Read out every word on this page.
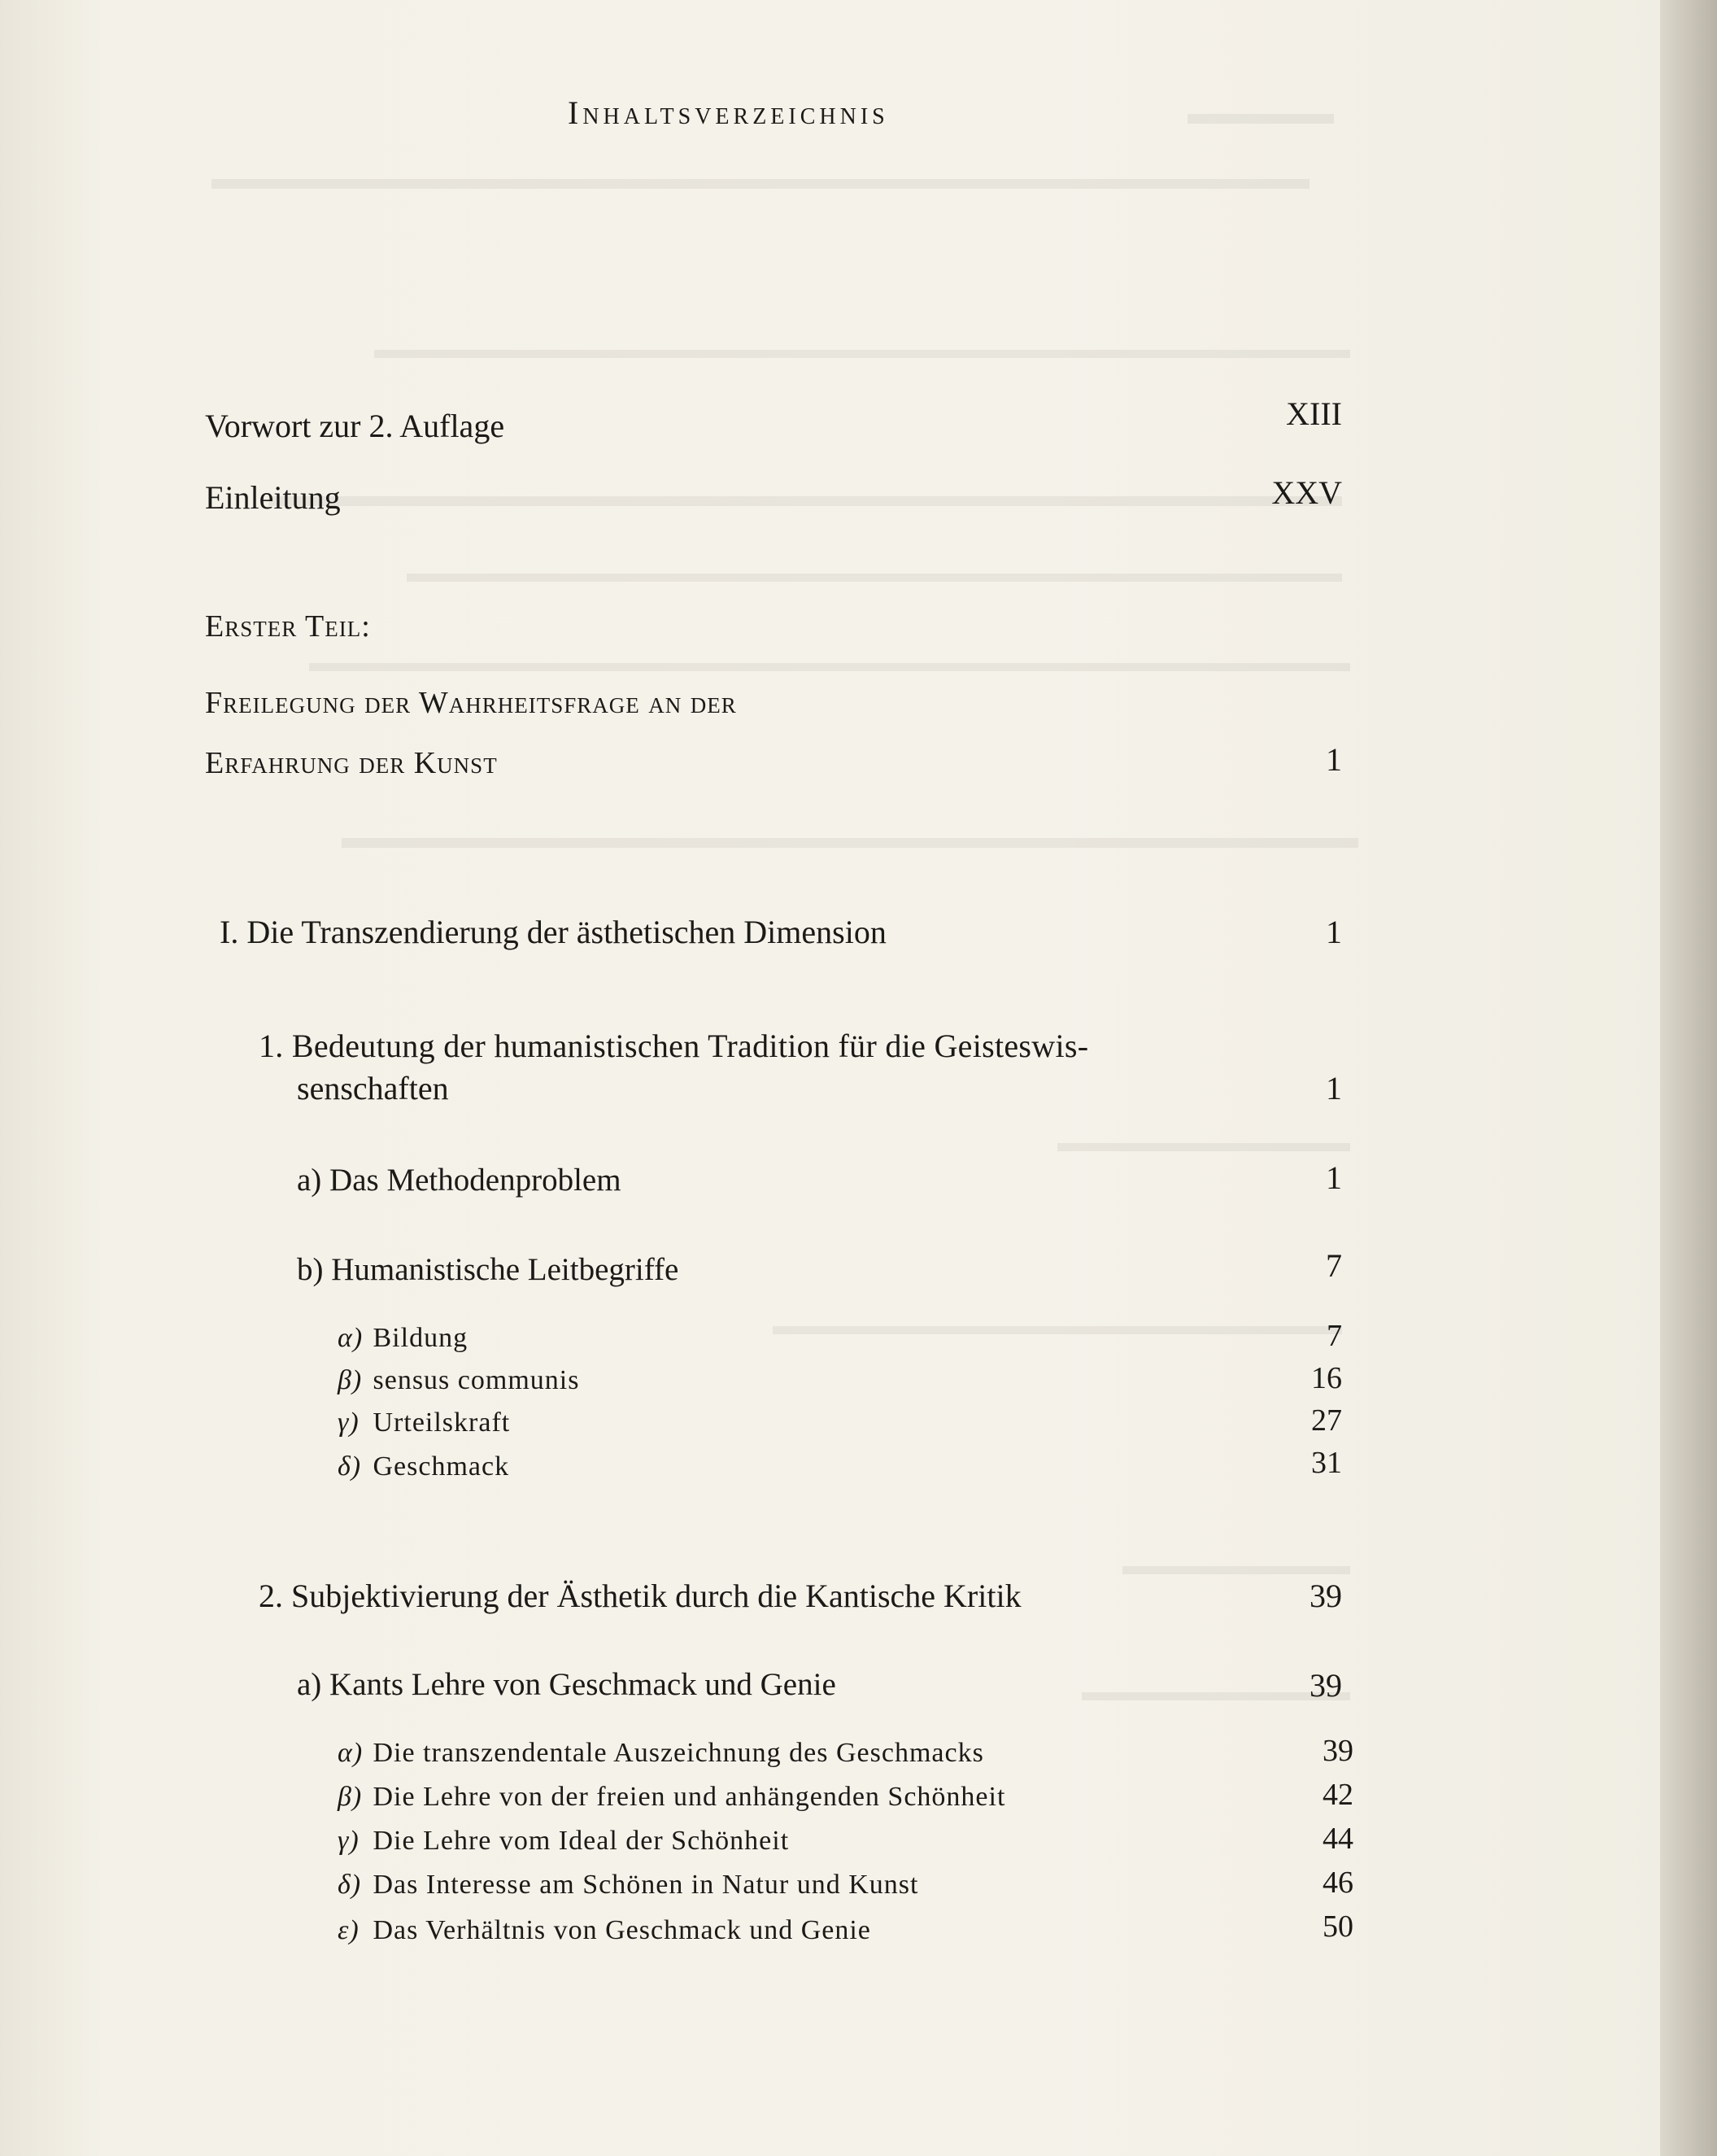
Inhaltsverzeichnis
Vorwort zur 2. Auflage	XIII
Einleitung	XXV
Erster Teil:
Freilegung der Wahrheitsfrage an der
Erfahrung der Kunst	1
I. Die Transzendierung der ästhetischen Dimension	1
1. Bedeutung der humanistischen Tradition für die Geisteswis-
senschaften	1
a) Das Methodenproblem	1
b) Humanistische Leitbegriffe	7
α) Bildung	7
β) sensus communis	16
γ) Urteilskraft	27
δ) Geschmack	31
2. Subjektivierung der Ästhetik durch die Kantische Kritik	39
a) Kants Lehre von Geschmack und Genie	39
α) Die transzendentale Auszeichnung des Geschmacks	39
β) Die Lehre von der freien und anhängenden Schönheit	42
γ) Die Lehre vom Ideal der Schönheit	44
δ) Das Interesse am Schönen in Natur und Kunst	46
ε) Das Verhältnis von Geschmack und Genie	50
